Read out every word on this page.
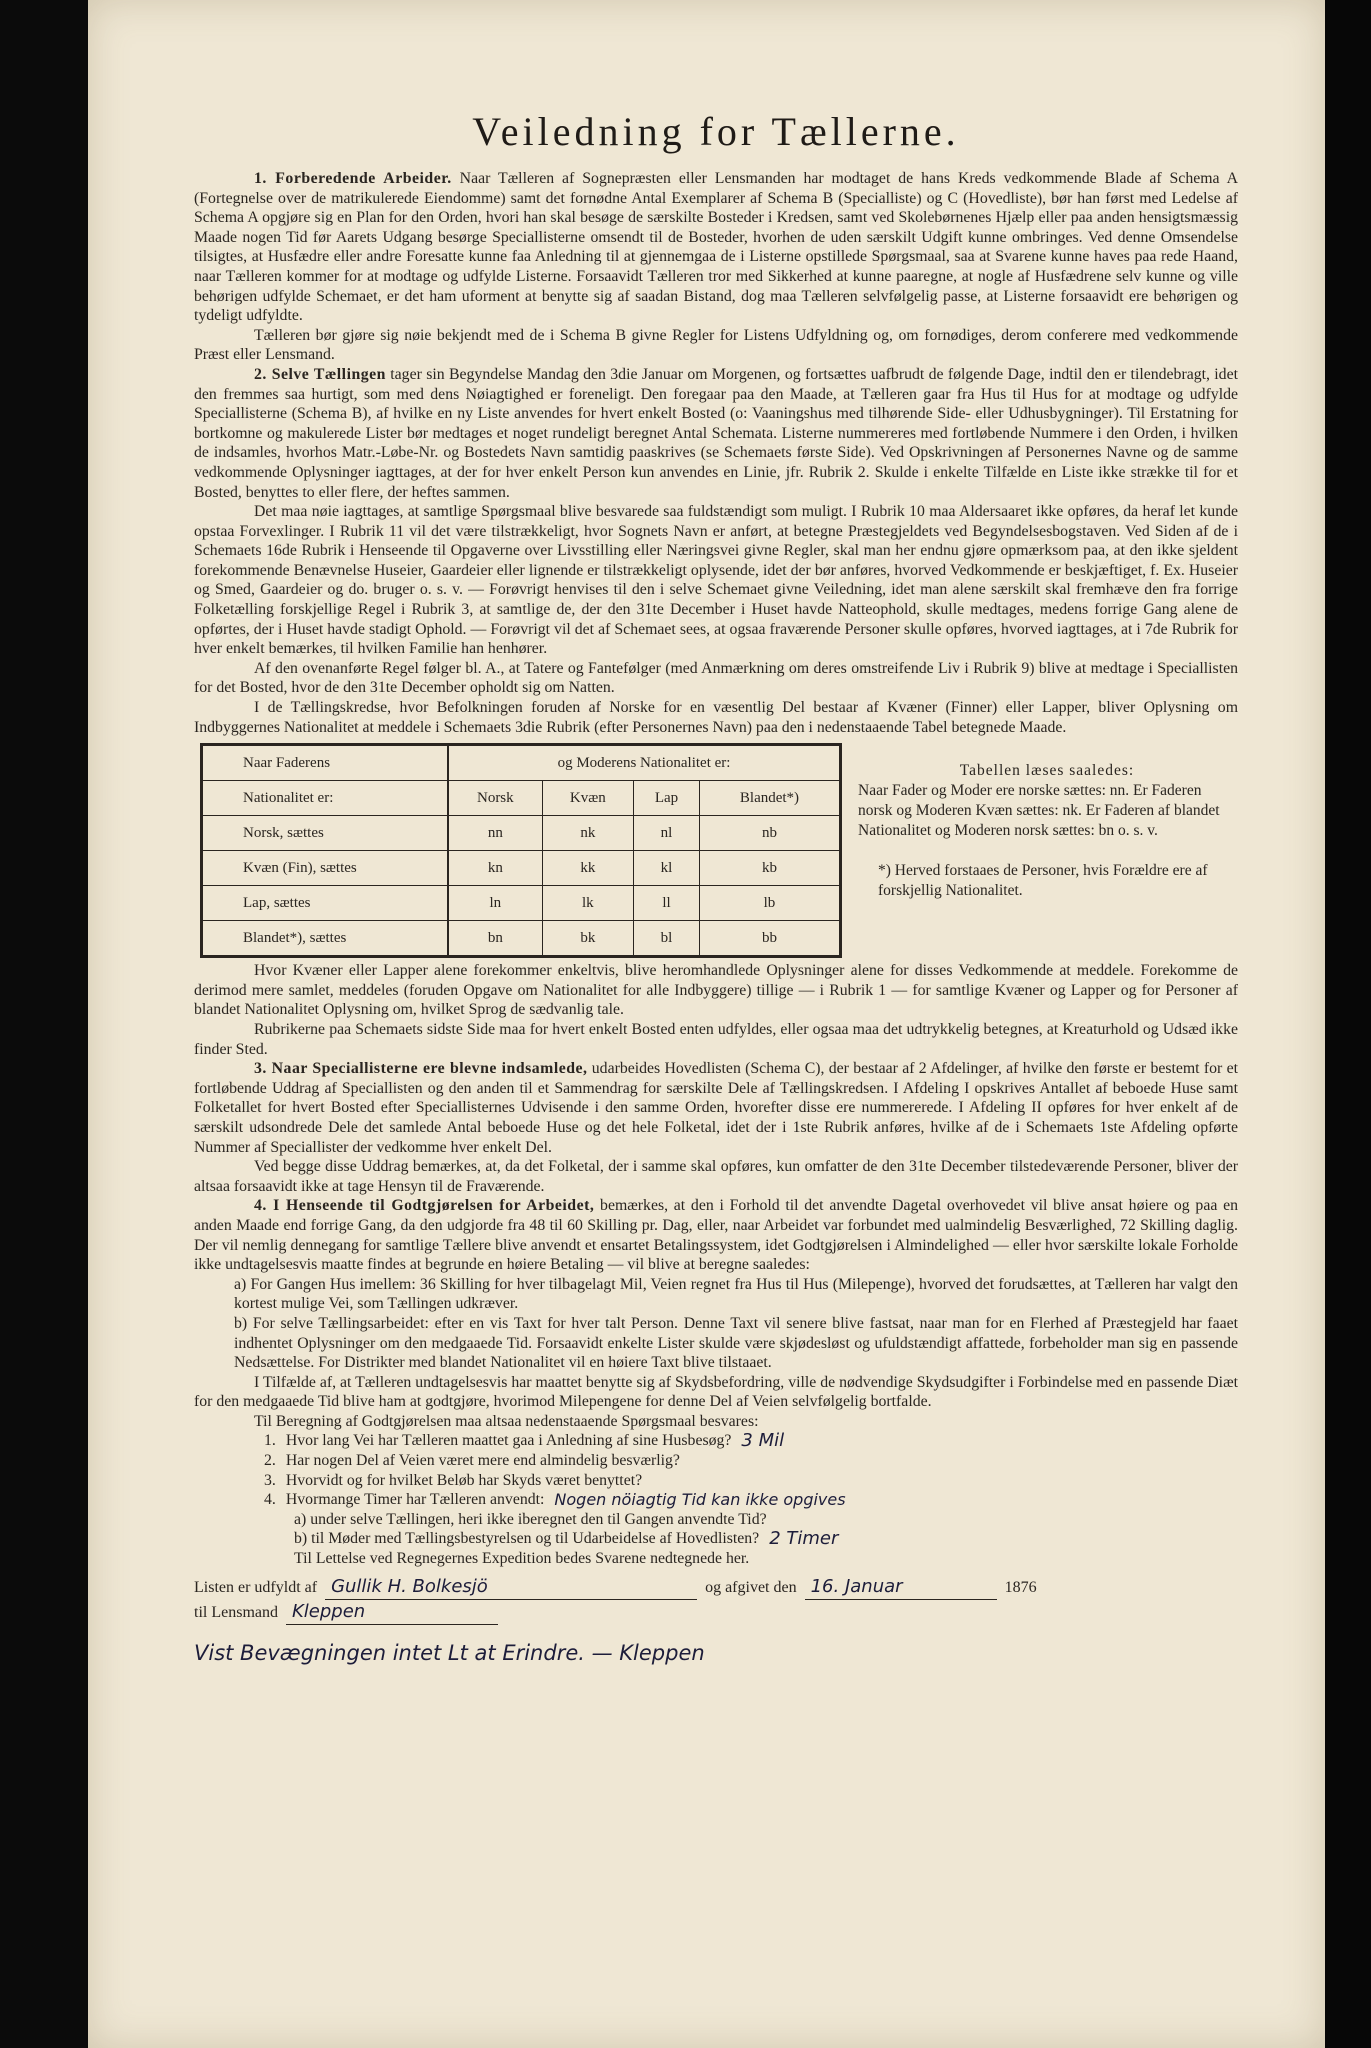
Veiledning for Tællerne.

1. Forberedende Arbeider. Naar Tælleren af Sognepræsten eller Lensmanden har modtaget de hans Kreds vedkommende Blade af Schema A (Fortegnelse over de matrikulerede Eiendomme) samt det fornødne Antal Exemplarer af Schema B (Specialliste) og C (Hovedliste), bør han først med Ledelse af Schema A opgjøre sig en Plan for den Orden, hvori han skal besøge de særskilte Bosteder i Kredsen, samt ved Skolebørnenes Hjælp eller paa anden hensigtsmæssig Maade nogen Tid før Aarets Udgang besørge Speciallisterne omsendt til de Bosteder, hvorhen de uden særskilt Udgift kunne ombringes. Ved denne Omsendelse tilsigtes, at Husfædre eller andre Foresatte kunne faa Anledning til at gjennemgaa de i Listerne opstillede Spørgsmaal, saa at Svarene kunne haves paa rede Haand, naar Tælleren kommer for at modtage og udfylde Listerne. Forsaavidt Tælleren tror med Sikkerhed at kunne paaregne, at nogle af Husfædrene selv kunne og ville behørigen udfylde Schemaet, er det ham uforment at benytte sig af saadan Bistand, dog maa Tælleren selvfølgelig passe, at Listerne forsaavidt ere behørigen og tydeligt udfyldte.

Tælleren bør gjøre sig nøie bekjendt med de i Schema B givne Regler for Listens Udfyldning og, om fornødiges, derom conferere med vedkommende Præst eller Lensmand.

2. Selve Tællingen tager sin Begyndelse Mandag den 3die Januar om Morgenen, og fortsættes uafbrudt de følgende Dage, indtil den er tilendebragt, idet den fremmes saa hurtigt, som med dens Nøiagtighed er foreneligt. Den foregaar paa den Maade, at Tælleren gaar fra Hus til Hus for at modtage og udfylde Speciallisterne (Schema B), af hvilke en ny Liste anvendes for hvert enkelt Bosted (o: Vaaningshus med tilhørende Side- eller Udhusbygninger). Til Erstatning for bortkomne og makulerede Lister bør medtages et noget rundeligt beregnet Antal Schemata. Listerne nummereres med fortløbende Nummere i den Orden, i hvilken de indsamles, hvorhos Matr.-Løbe-Nr. og Bostedets Navn samtidig paaskrives (se Schemaets første Side). Ved Opskrivningen af Personernes Navne og de samme vedkommende Oplysninger iagttages, at der for hver enkelt Person kun anvendes en Linie, jfr. Rubrik 2. Skulde i enkelte Tilfælde en Liste ikke strække til for et Bosted, benyttes to eller flere, der heftes sammen.

Det maa nøie iagttages, at samtlige Spørgsmaal blive besvarede saa fuldstændigt som muligt. I Rubrik 10 maa Aldersaaret ikke opføres, da heraf let kunde opstaa Forvexlinger. I Rubrik 11 vil det være tilstrækkeligt, hvor Sognets Navn er anført, at betegne Præstegjeldets ved Begyndelsesbogstaven. Ved Siden af de i Schemaets 16de Rubrik i Henseende til Opgaverne over Livsstilling eller Næringsvei givne Regler, skal man her endnu gjøre opmærksom paa, at den ikke sjeldent forekommende Benævnelse Huseier, Gaardeier eller lignende er tilstrækkeligt oplysende, idet der bør anføres, hvorved Vedkommende er beskjæftiget, f. Ex. Huseier og Smed, Gaardeier og do. bruger o. s. v. — Forøvrigt henvises til den i selve Schemaet givne Veiledning, idet man alene særskilt skal fremhæve den fra forrige Folketælling forskjellige Regel i Rubrik 3, at samtlige de, der den 31te December i Huset havde Natteophold, skulle medtages, medens forrige Gang alene de opførtes, der i Huset havde stadigt Ophold. — Forøvrigt vil det af Schemaet sees, at ogsaa fraværende Personer skulle opføres, hvorved iagttages, at i 7de Rubrik for hver enkelt bemærkes, til hvilken Familie han henhører.

Af den ovenanførte Regel følger bl. A., at Tatere og Fantefølger (med Anmærkning om deres omstreifende Liv i Rubrik 9) blive at medtage i Speciallisten for det Bosted, hvor de den 31te December opholdt sig om Natten.

I de Tællingskredse, hvor Befolkningen foruden af Norske for en væsentlig Del bestaar af Kvæner (Finner) eller Lapper, bliver Oplysning om Indbyggernes Nationalitet at meddele i Schemaets 3die Rubrik (efter Personernes Navn) paa den i nedenstaaende Tabel betegnede Maade.

Naar Faderens	og Moderens Nationalitet er:			
Nationalitet er:	Norsk	Kvæn	Lap	Blandet*)
Norsk, sættes	nn	nk	nl	nb
Kvæn (Fin), sættes	kn	kk	kl	kb
Lap, sættes	ln	lk	ll	lb
Blandet*), sættes	bn	bk	bl	bb

Tabellen læses saaledes:

Naar Fader og Moder ere norske sættes: nn. Er Faderen norsk og Moderen Kvæn sættes: nk. Er Faderen af blandet Nationalitet og Moderen norsk sættes: bn o. s. v.

*) Herved forstaaes de Personer, hvis Forældre ere af forskjellig Nationalitet.

Hvor Kvæner eller Lapper alene forekommer enkeltvis, blive heromhandlede Oplysninger alene for disses Vedkommende at meddele. Forekomme de derimod mere samlet, meddeles (foruden Opgave om Nationalitet for alle Indbyggere) tillige — i Rubrik 1 — for samtlige Kvæner og Lapper og for Personer af blandet Nationalitet Oplysning om, hvilket Sprog de sædvanlig tale.

Rubrikerne paa Schemaets sidste Side maa for hvert enkelt Bosted enten udfyldes, eller ogsaa maa det udtrykkelig betegnes, at Kreaturhold og Udsæd ikke finder Sted.

3. Naar Speciallisterne ere blevne indsamlede, udarbeides Hovedlisten (Schema C), der bestaar af 2 Afdelinger, af hvilke den første er bestemt for et fortløbende Uddrag af Speciallisten og den anden til et Sammendrag for særskilte Dele af Tællingskredsen. I Afdeling I opskrives Antallet af beboede Huse samt Folketallet for hvert Bosted efter Speciallisternes Udvisende i den samme Orden, hvorefter disse ere nummererede. I Afdeling II opføres for hver enkelt af de særskilt udsondrede Dele det samlede Antal beboede Huse og det hele Folketal, idet der i 1ste Rubrik anføres, hvilke af de i Schemaets 1ste Afdeling opførte Nummer af Speciallister der vedkomme hver enkelt Del.

Ved begge disse Uddrag bemærkes, at, da det Folketal, der i samme skal opføres, kun omfatter de den 31te December tilstedeværende Personer, bliver der altsaa forsaavidt ikke at tage Hensyn til de Fraværende.

4. I Henseende til Godtgjørelsen for Arbeidet, bemærkes, at den i Forhold til det anvendte Dagetal overhovedet vil blive ansat høiere og paa en anden Maade end forrige Gang, da den udgjorde fra 48 til 60 Skilling pr. Dag, eller, naar Arbeidet var forbundet med ualmindelig Besværlighed, 72 Skilling daglig. Der vil nemlig dennegang for samtlige Tællere blive anvendt et ensartet Betalingssystem, idet Godtgjørelsen i Almindelighed — eller hvor særskilte lokale Forholde ikke undtagelsesvis maatte findes at begrunde en høiere Betaling — vil blive at beregne saaledes:

a) For Gangen Hus imellem: 36 Skilling for hver tilbagelagt Mil, Veien regnet fra Hus til Hus (Milepenge), hvorved det forudsættes, at Tælleren har valgt den kortest mulige Vei, som Tællingen udkræver.

b) For selve Tællingsarbeidet: efter en vis Taxt for hver talt Person. Denne Taxt vil senere blive fastsat, naar man for en Flerhed af Præstegjeld har faaet indhentet Oplysninger om den medgaaede Tid. Forsaavidt enkelte Lister skulde være skjødesløst og ufuldstændigt affattede, forbeholder man sig en passende Nedsættelse. For Distrikter med blandet Nationalitet vil en høiere Taxt blive tilstaaet.

I Tilfælde af, at Tælleren undtagelsesvis har maattet benytte sig af Skydsbefordring, ville de nødvendige Skydsudgifter i Forbindelse med en passende Diæt for den medgaaede Tid blive ham at godtgjøre, hvorimod Milepengene for denne Del af Veien selvfølgelig bortfalde.

Til Beregning af Godtgjørelsen maa altsaa nedenstaaende Spørgsmaal besvares:

1. Hvor lang Vei har Tælleren maattet gaa i Anledning af sine Husbesøg? 3 Mil
2. Har nogen Del af Veien været mere end almindelig besværlig?
3. Hvorvidt og for hvilket Beløb har Skyds været benyttet?
4. Hvormange Timer har Tælleren anvendt: Nogen nöiagtig Tid kan ikke opgives
a) under selve Tællingen, heri ikke iberegnet den til Gangen anvendte Tid?
b) til Møder med Tællingsbestyrelsen og til Udarbeidelse af Hovedlisten? 2 Timer
Til Lettelse ved Regnegernes Expedition bedes Svarene nedtegnede her.
Listen er udfyldt af Gullik H. Bolkesjö	og afgivet den 16. Januar	1876
til Lensmand Kleppen
Vist Bevægningen intet Lt at Erindre. — Kleppen
